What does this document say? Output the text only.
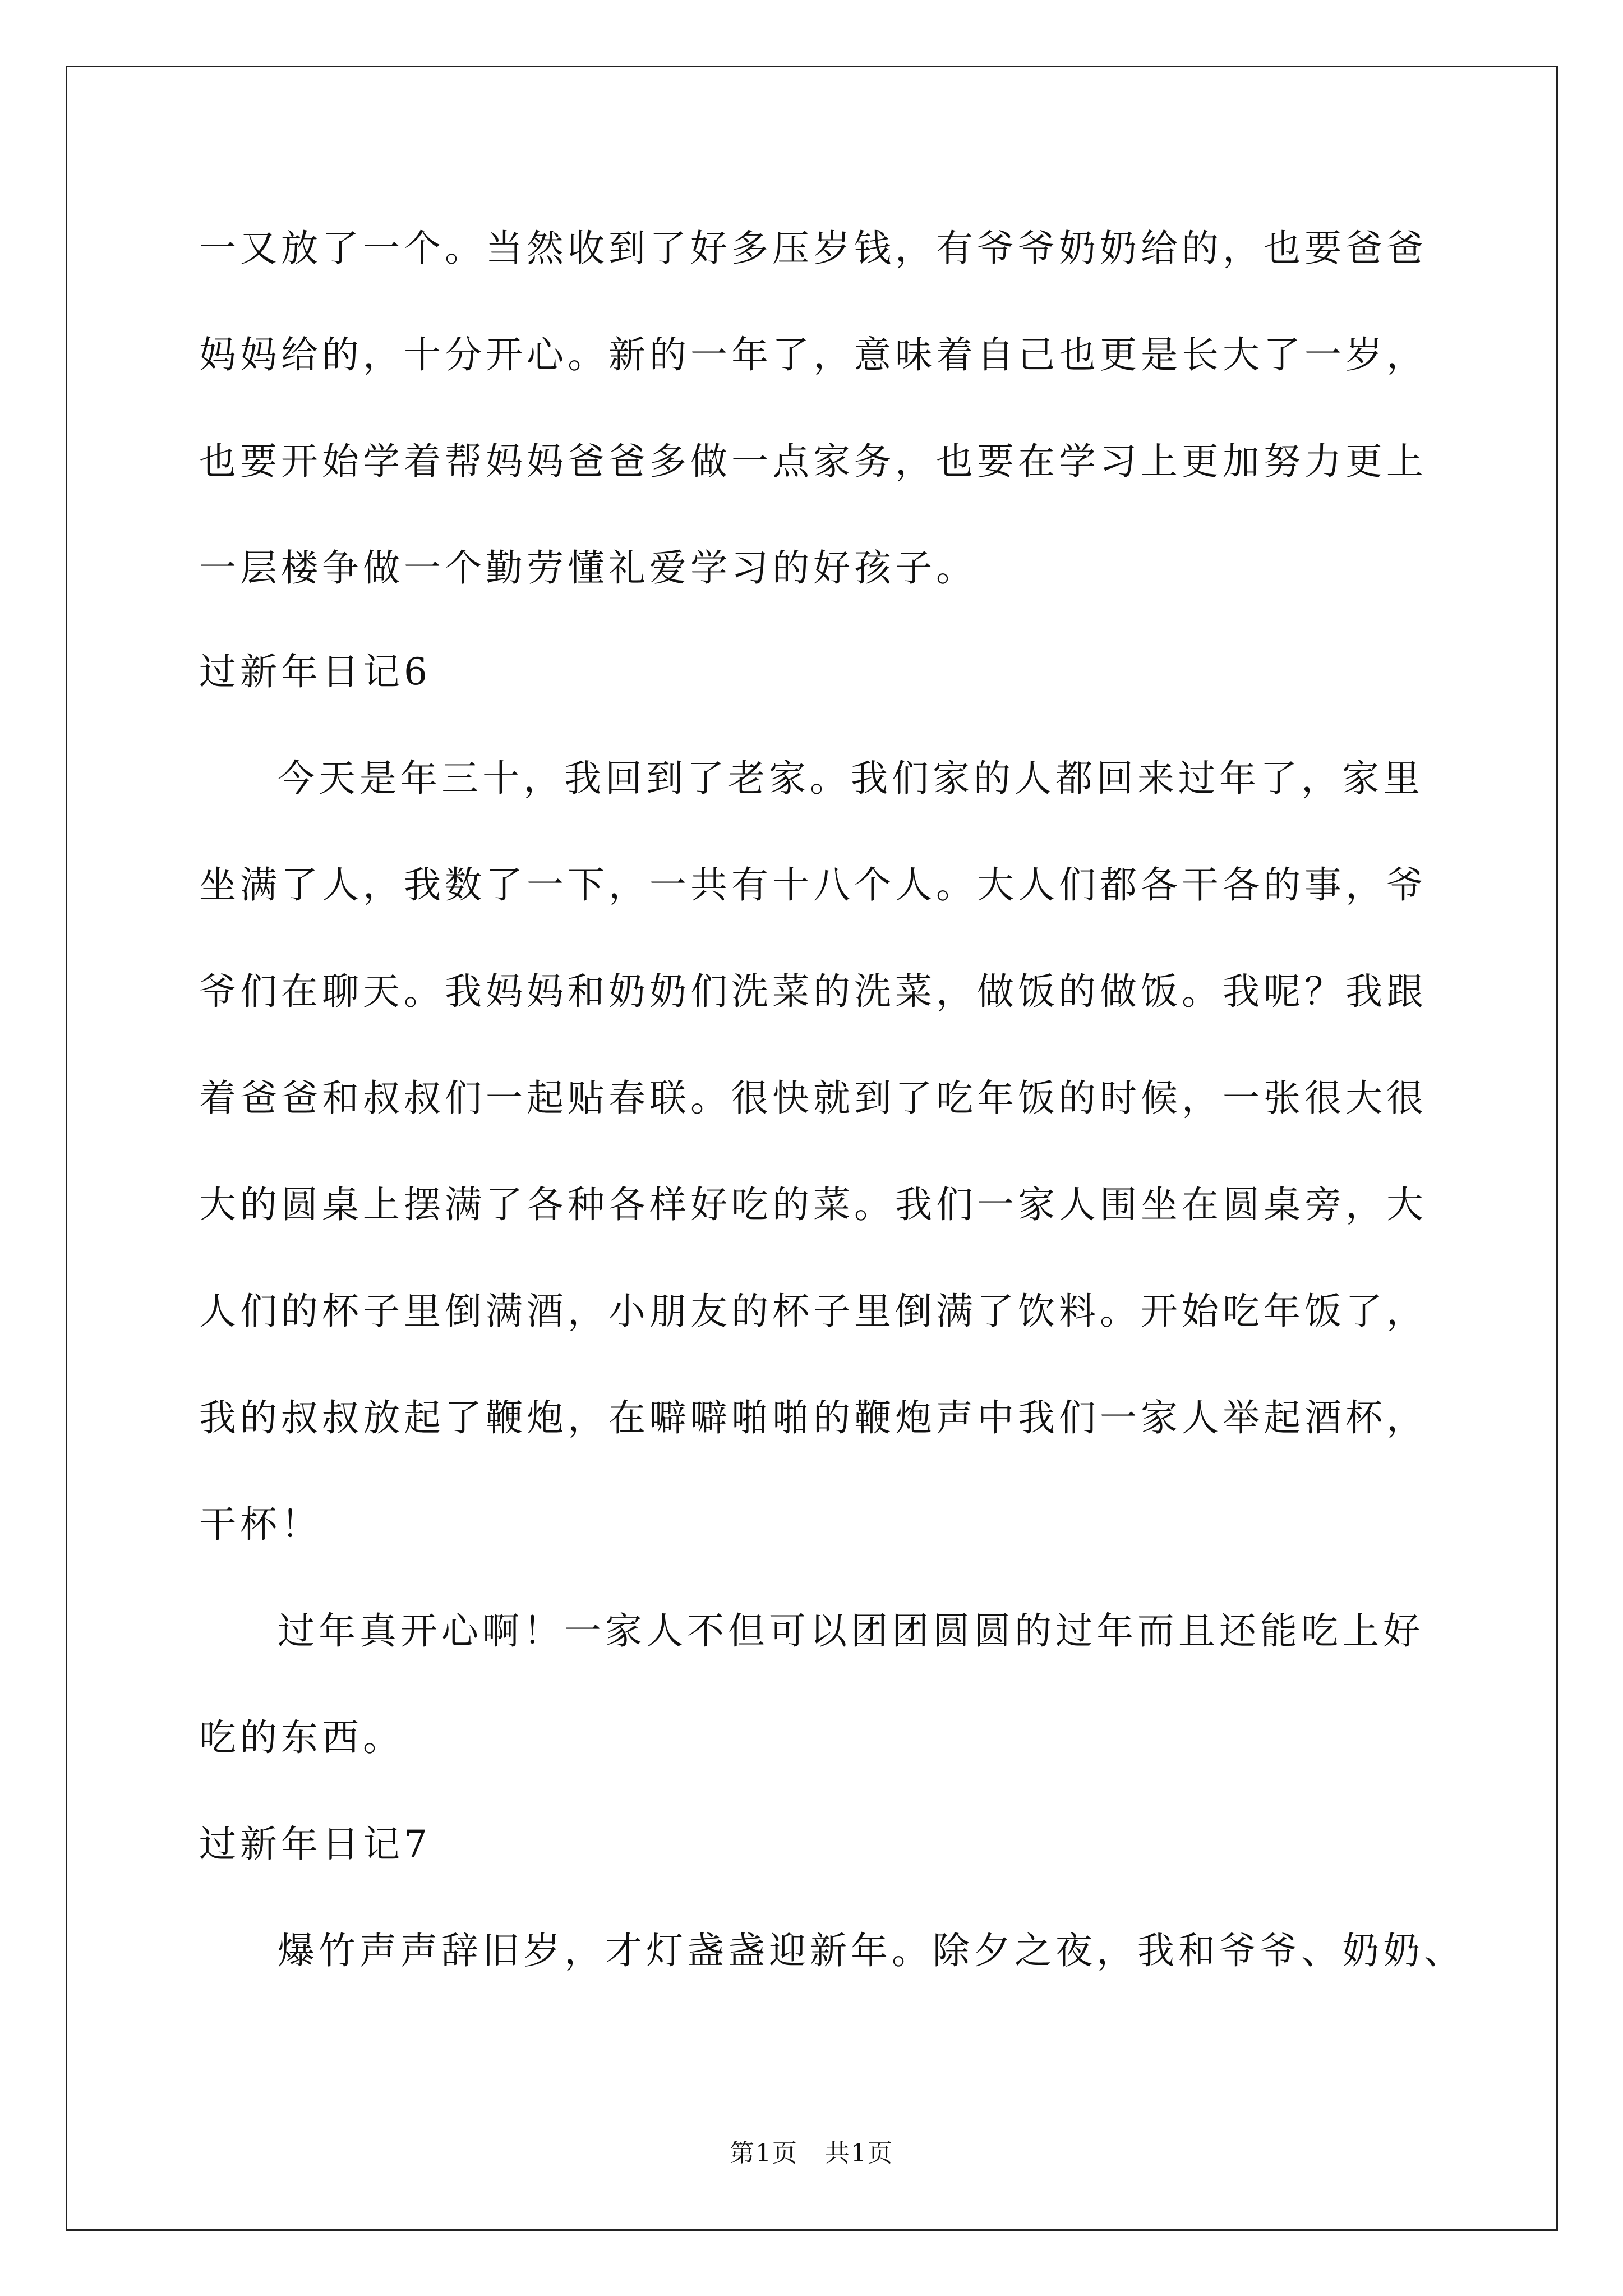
一又放了一个。当然收到了好多压岁钱，有爷爷奶奶给的，也要爸爸
妈妈给的，十分开心。新的一年了，意味着自己也更是长大了一岁，
也要开始学着帮妈妈爸爸多做一点家务，也要在学习上更加努力更上
一层楼争做一个勤劳懂礼爱学习的好孩子。
过新年日记6
今天是年三十，我回到了老家。我们家的人都回来过年了，家里
坐满了人，我数了一下，一共有十八个人。大人们都各干各的事，爷
爷们在聊天。我妈妈和奶奶们洗菜的洗菜，做饭的做饭。我呢？我跟
着爸爸和叔叔们一起贴春联。很快就到了吃年饭的时候，一张很大很
大的圆桌上摆满了各种各样好吃的菜。我们一家人围坐在圆桌旁，大
人们的杯子里倒满酒，小朋友的杯子里倒满了饮料。开始吃年饭了，
我的叔叔放起了鞭炮，在噼噼啪啪的鞭炮声中我们一家人举起酒杯，
干杯！
过年真开心啊！一家人不但可以团团圆圆的过年而且还能吃上好
吃的东西。
过新年日记7
爆竹声声辞旧岁，才灯盏盏迎新年。除夕之夜，我和爷爷、奶奶、
第1页   共1页
